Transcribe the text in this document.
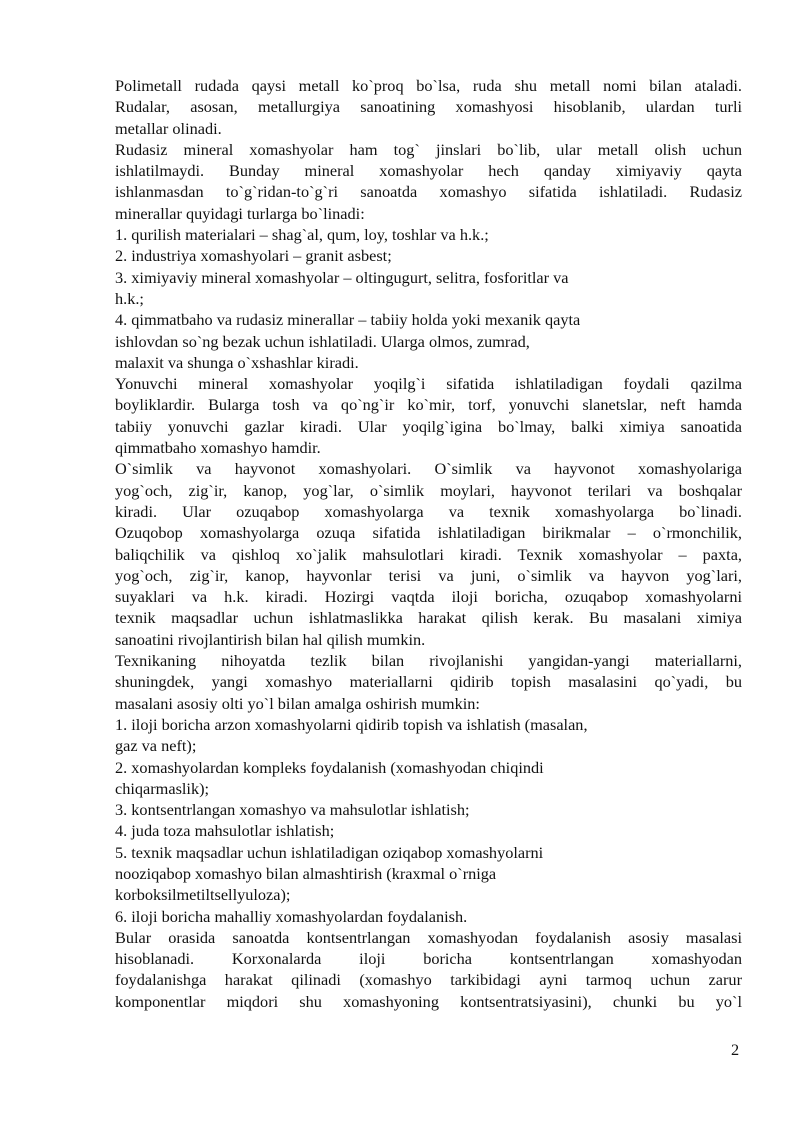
Polimetall rudada qaysi metall ko`proq bo`lsa, ruda shu metall nomi bilan ataladi.
Rudalar, asosan, metallurgiya sanoatining xomashyosi hisoblanib, ulardan turli
metallar olinadi.
Rudasiz mineral xomashyolar ham tog` jinslari bo`lib, ular metall olish uchun
ishlatilmaydi. Bunday mineral xomashyolar hech qanday ximiyaviy qayta
ishlanmasdan to`g`ridan-to`g`ri sanoatda xomashyo sifatida ishlatiladi. Rudasiz
minerallar quyidagi turlarga bo`linadi:
1. qurilish materialari – shag`al, qum, loy, toshlar va h.k.;
2. industriya xomashyolari – granit asbest;
3. ximiyaviy mineral xomashyolar – oltingugurt, selitra, fosforitlar va
h.k.;
4. qimmatbaho va rudasiz minerallar – tabiiy holda yoki mexanik qayta
ishlovdan so`ng bezak uchun ishlatiladi. Ularga olmos, zumrad,
malaxit va shunga o`xshashlar kiradi.
Yonuvchi mineral xomashyolar yoqilg`i sifatida ishlatiladigan foydali qazilma
boyliklardir. Bularga tosh va qo`ng`ir ko`mir, torf, yonuvchi slanetslar, neft hamda
tabiiy yonuvchi gazlar kiradi. Ular yoqilg`igina bo`lmay, balki ximiya sanoatida
qimmatbaho xomashyo hamdir.
O`simlik va hayvonot xomashyolari. O`simlik va hayvonot xomashyolariga
yog`och, zig`ir, kanop, yog`lar, o`simlik moylari, hayvonot terilari va boshqalar
kiradi. Ular ozuqabop xomashyolarga va texnik xomashyolarga bo`linadi.
Ozuqobop xomashyolarga ozuqa sifatida ishlatiladigan birikmalar – o`rmonchilik,
baliqchilik va qishloq xo`jalik mahsulotlari kiradi. Texnik xomashyolar – paxta,
yog`och, zig`ir, kanop, hayvonlar terisi va juni, o`simlik va hayvon yog`lari,
suyaklari va h.k. kiradi. Hozirgi vaqtda iloji boricha, ozuqabop xomashyolarni
texnik maqsadlar uchun ishlatmaslikka harakat qilish kerak. Bu masalani ximiya
sanoatini rivojlantirish bilan hal qilish mumkin.
Texnikaning nihoyatda tezlik bilan rivojlanishi yangidan-yangi materiallarni,
shuningdek, yangi xomashyo materiallarni qidirib topish masalasini qo`yadi, bu
masalani asosiy olti yo`l bilan amalga oshirish mumkin:
1. iloji boricha arzon xomashyolarni qidirib topish va ishlatish (masalan,
gaz va neft);
2. xomashyolardan kompleks foydalanish (xomashyodan chiqindi
chiqarmaslik);
3. kontsentrlangan xomashyo va mahsulotlar ishlatish;
4. juda toza mahsulotlar ishlatish;
5. texnik maqsadlar uchun ishlatiladigan oziqabop xomashyolarni
nooziqabop xomashyo bilan almashtirish (kraxmal o`rniga
korboksilmetiltsellyuloza);
6. iloji boricha mahalliy xomashyolardan foydalanish.
Bular orasida sanoatda kontsentrlangan xomashyodan foydalanish asosiy masalasi
hisoblanadi. Korxonalarda iloji boricha kontsentrlangan xomashyodan
foydalanishga harakat qilinadi (xomashyo tarkibidagi ayni tarmoq uchun zarur
komponentlar miqdori shu xomashyoning kontsentratsiyasini), chunki bu yo`l
2
